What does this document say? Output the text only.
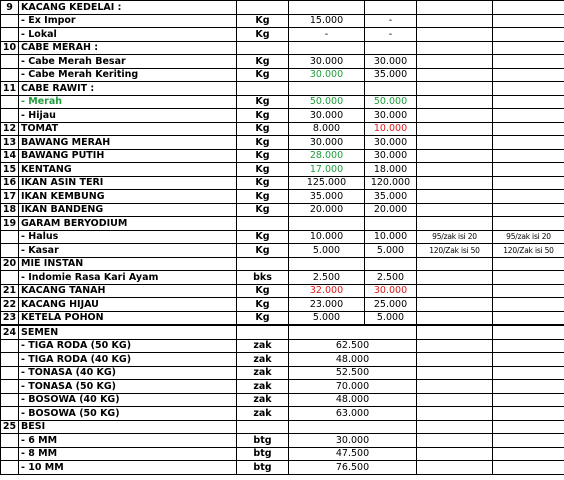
9	KACANG KEDELAI :					
	- Ex Impor	Kg	15.000	-		
	- Lokal	Kg	-	-		
10	CABE MERAH :					
	- Cabe Merah Besar	Kg	30.000	30.000		
	- Cabe Merah Keriting	Kg	30.000	35.000		
11	CABE RAWIT :					
	- Merah	Kg	50.000	50.000		
	- Hijau	Kg	30.000	30.000		
12	TOMAT	Kg	8.000	10.000		
13	BAWANG MERAH	Kg	30.000	30.000		
14	BAWANG PUTIH	Kg	28.000	30.000		
15	KENTANG	Kg	17.000	18.000		
16	IKAN ASIN TERI	Kg	125.000	120.000		
17	IKAN KEMBUNG	Kg	35.000	35.000		
18	IKAN BANDENG	Kg	20.000	20.000		
19	GARAM BERYODIUM					
	- Halus	Kg	10.000	10.000	95/zak isi 20	95/zak isi 20
	- Kasar	Kg	5.000	5.000	120/Zak isi 50	120/Zak isi 50
20	MIE INSTAN					
	- Indomie Rasa Kari Ayam	bks	2.500	2.500		
21	KACANG TANAH	Kg	32.000	30.000		
22	KACANG HIJAU	Kg	23.000	25.000		
23	KETELA POHON	Kg	5.000	5.000		
24	SEMEN					
	- TIGA RODA (50 KG)	zak	62.500			
	- TIGA RODA (40 KG)	zak	48.000			
	- TONASA (40 KG)	zak	52.500			
	- TONASA (50 KG)	zak	70.000			
	- BOSOWA (40 KG)	zak	48.000			
	- BOSOWA (50 KG)	zak	63.000			
25	BESI					
	- 6 MM	btg	30.000			
	- 8 MM	btg	47.500			
	- 10 MM	btg	76.500			
